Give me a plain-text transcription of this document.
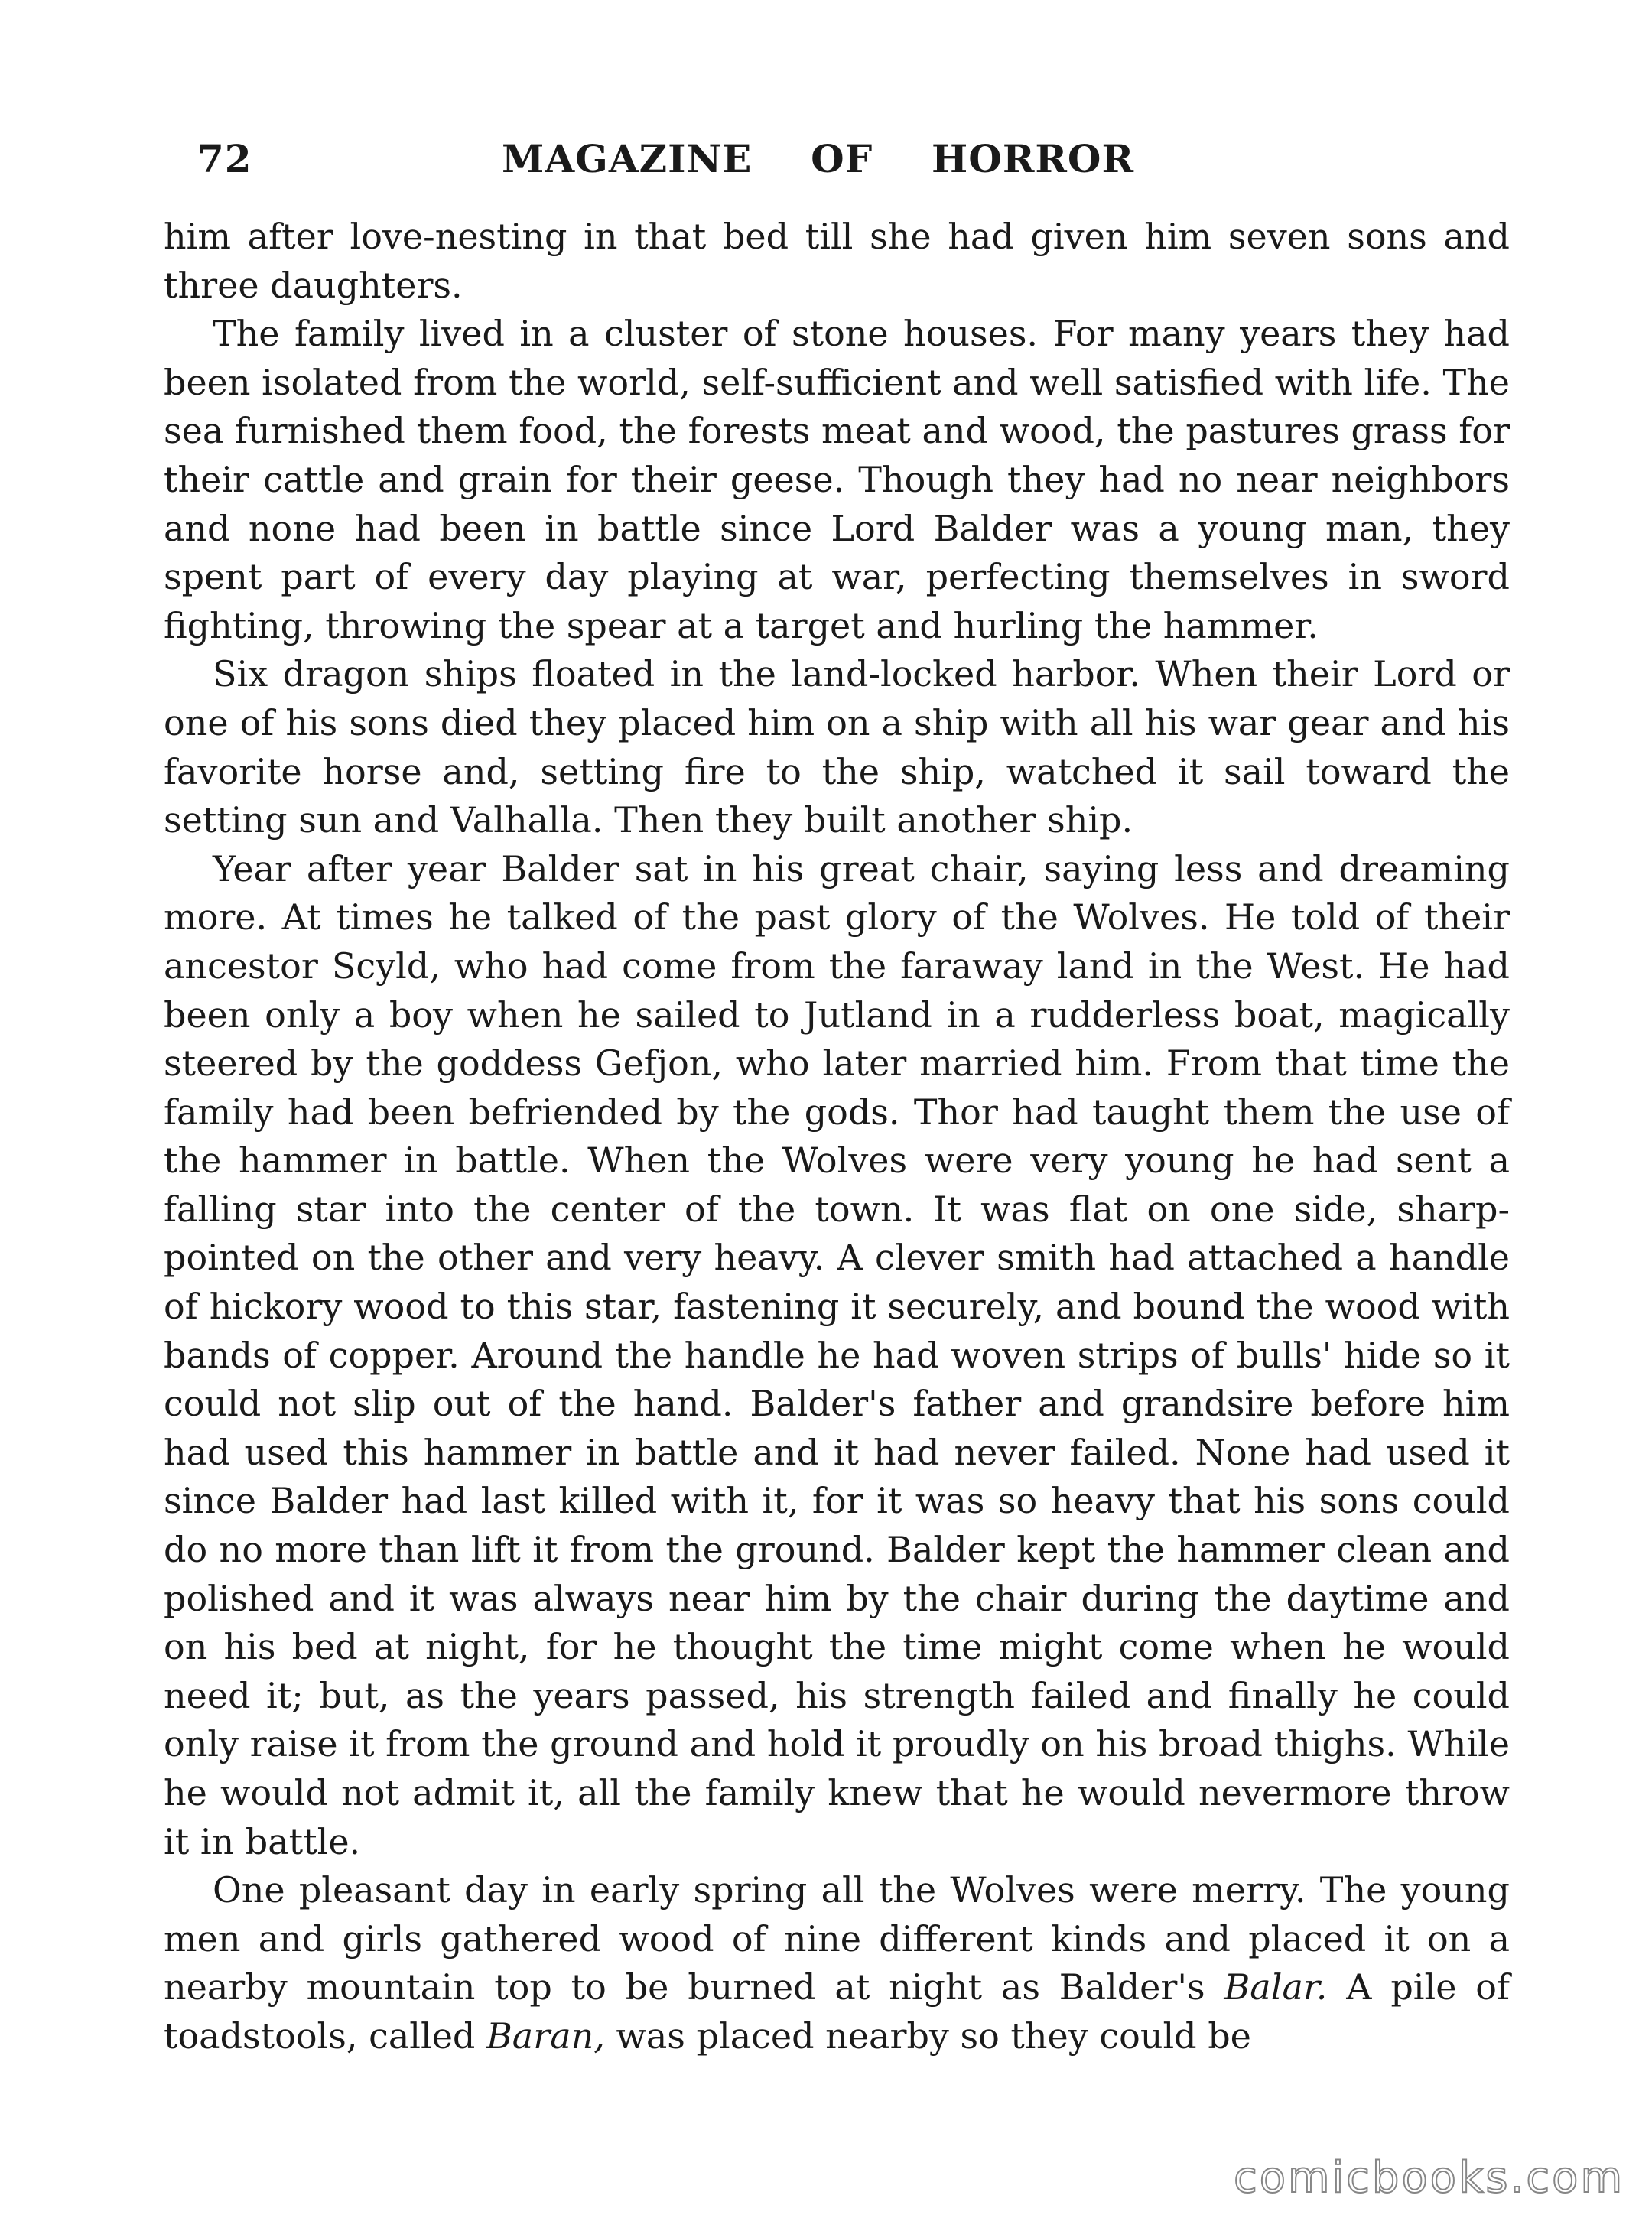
72	MAGAZINE  OF  HORROR

him after love-nesting in that bed till she had given him seven sons and three daughters.

The family lived in a cluster of stone houses. For many years they had been isolated from the world, self-sufficient and well satisfied with life. The sea furnished them food, the forests meat and wood, the pastures grass for their cattle and grain for their geese. Though they had no near neighbors and none had been in battle since Lord Balder was a young man, they spent part of every day playing at war, perfecting themselves in sword fighting, throwing the spear at a target and hurling the hammer.

Six dragon ships floated in the land-locked harbor. When their Lord or one of his sons died they placed him on a ship with all his war gear and his favorite horse and, setting fire to the ship, watched it sail toward the setting sun and Valhalla. Then they built another ship.

Year after year Balder sat in his great chair, saying less and dreaming more. At times he talked of the past glory of the Wolves. He told of their ancestor Scyld, who had come from the faraway land in the West. He had been only a boy when he sailed to Jutland in a rudderless boat, magically steered by the goddess Gefjon, who later married him. From that time the family had been befriended by the gods. Thor had taught them the use of the hammer in battle. When the Wolves were very young he had sent a falling star into the center of the town. It was flat on one side, sharp-pointed on the other and very heavy. A clever smith had attached a handle of hickory wood to this star, fastening it securely, and bound the wood with bands of copper. Around the handle he had woven strips of bulls' hide so it could not slip out of the hand. Balder's father and grandsire before him had used this hammer in battle and it had never failed. None had used it since Balder had last killed with it, for it was so heavy that his sons could do no more than lift it from the ground. Balder kept the hammer clean and polished and it was always near him by the chair during the daytime and on his bed at night, for he thought the time might come when he would need it; but, as the years passed, his strength failed and finally he could only raise it from the ground and hold it proudly on his broad thighs. While he would not admit it, all the family knew that he would nevermore throw it in battle.

One pleasant day in early spring all the Wolves were merry. The young men and girls gathered wood of nine different kinds and placed it on a nearby mountain top to be burned at night as Balder's Balar. A pile of toadstools, called Baran, was placed nearby so they could be

comicbooks.com
